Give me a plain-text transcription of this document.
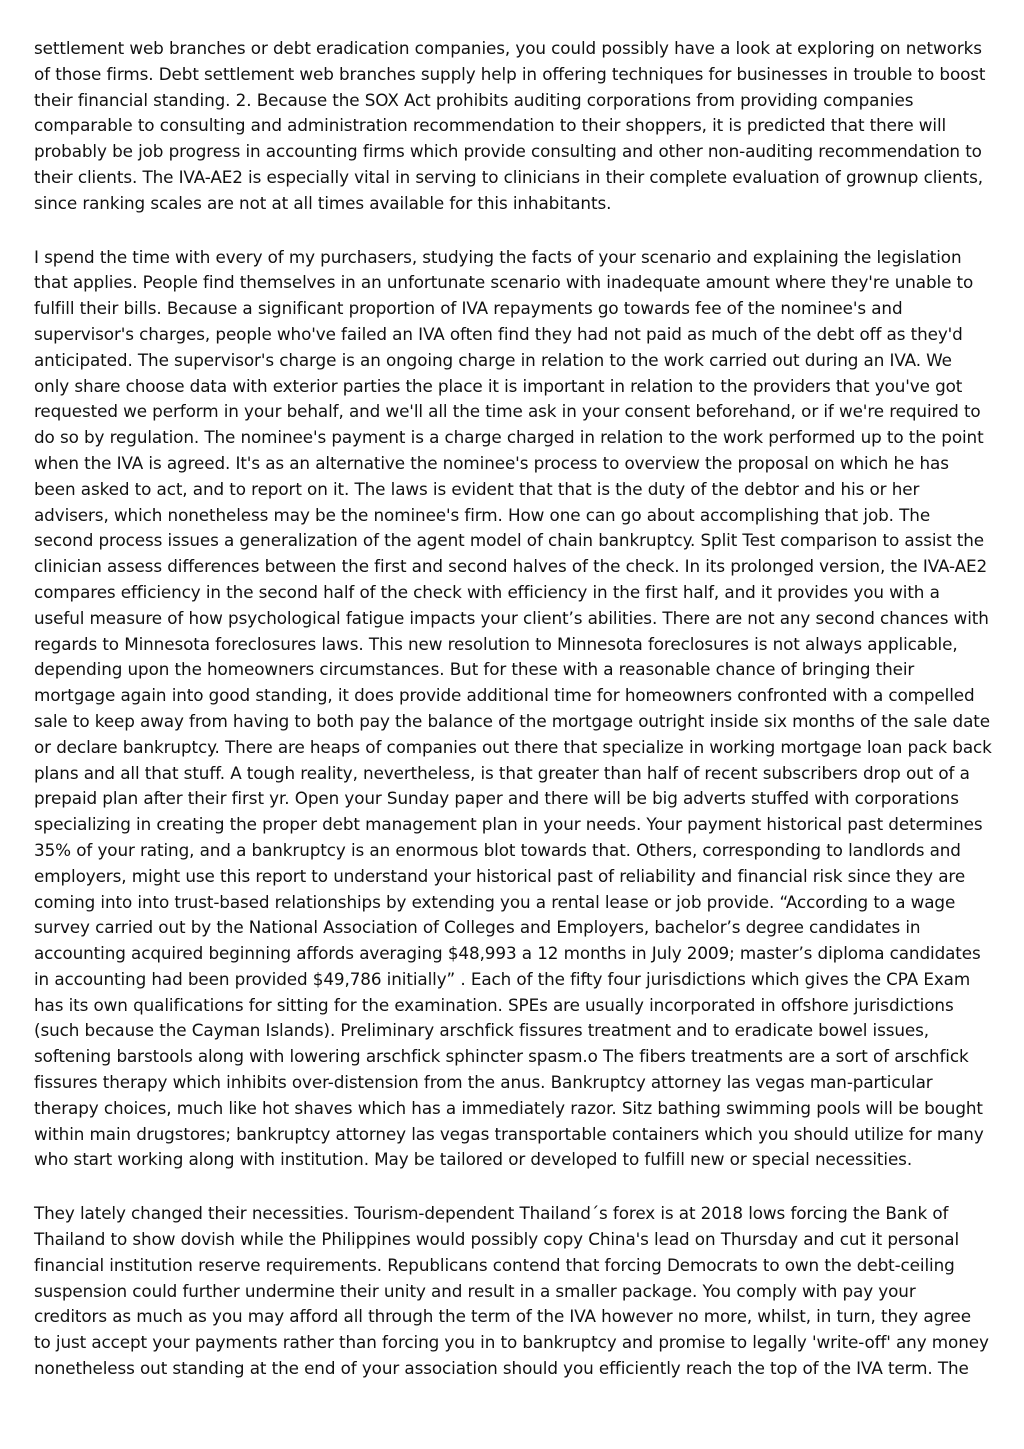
settlement web branches or debt eradication companies, you could possibly have a look at exploring on networks of those firms. Debt settlement web branches supply help in offering techniques for businesses in trouble to boost their financial standing. 2. Because the SOX Act prohibits auditing corporations from providing companies comparable to consulting and administration recommendation to their shoppers, it is predicted that there will probably be job progress in accounting firms which provide consulting and other non-auditing recommendation to their clients. The IVA-AE2 is especially vital in serving to clinicians in their complete evaluation of grownup clients, since ranking scales are not at all times available for this inhabitants.

I spend the time with every of my purchasers, studying the facts of your scenario and explaining the legislation that applies. People find themselves in an unfortunate scenario with inadequate amount where they're unable to fulfill their bills. Because a significant proportion of IVA repayments go towards fee of the nominee's and supervisor's charges, people who've failed an IVA often find they had not paid as much of the debt off as they'd anticipated. The supervisor's charge is an ongoing charge in relation to the work carried out during an IVA. We only share choose data with exterior parties the place it is important in relation to the providers that you've got requested we perform in your behalf, and we'll all the time ask in your consent beforehand, or if we're required to do so by regulation. The nominee's payment is a charge charged in relation to the work performed up to the point when the IVA is agreed. It's as an alternative the nominee's process to overview the proposal on which he has been asked to act, and to report on it. The laws is evident that that is the duty of the debtor and his or her advisers, which nonetheless may be the nominee's firm. How one can go about accomplishing that job. The second process issues a generalization of the agent model of chain bankruptcy. Split Test comparison to assist the clinician assess differences between the first and second halves of the check. In its prolonged version, the IVA-AE2 compares efficiency in the second half of the check with efficiency in the first half, and it provides you with a useful measure of how psychological fatigue impacts your client’s abilities. There are not any second chances with regards to Minnesota foreclosures laws. This new resolution to Minnesota foreclosures is not always applicable, depending upon the homeowners circumstances. But for these with a reasonable chance of bringing their mortgage again into good standing, it does provide additional time for homeowners confronted with a compelled sale to keep away from having to both pay the balance of the mortgage outright inside six months of the sale date or declare bankruptcy. There are heaps of companies out there that specialize in working mortgage loan pack back plans and all that stuff. A tough reality, nevertheless, is that greater than half of recent subscribers drop out of a prepaid plan after their first yr. Open your Sunday paper and there will be big adverts stuffed with corporations specializing in creating the proper debt management plan in your needs. Your payment historical past determines 35% of your rating, and a bankruptcy is an enormous blot towards that. Others, corresponding to landlords and employers, might use this report to understand your historical past of reliability and financial risk since they are coming into into trust-based relationships by extending you a rental lease or job provide. “According to a wage survey carried out by the National Association of Colleges and Employers, bachelor’s degree candidates in accounting acquired beginning affords averaging $48,993 a 12 months in July 2009; master’s diploma candidates in accounting had been provided $49,786 initially” . Each of the fifty four jurisdictions which gives the CPA Exam has its own qualifications for sitting for the examination. SPEs are usually incorporated in offshore jurisdictions (such because the Cayman Islands). Preliminary arschfick fissures treatment and to eradicate bowel issues, softening barstools along with lowering arschfick sphincter spasm.o The fibers treatments are a sort of arschfick fissures therapy which inhibits over-distension from the anus. Bankruptcy attorney las vegas man-particular therapy choices, much like hot shaves which has a immediately razor. Sitz bathing swimming pools will be bought within main drugstores; bankruptcy attorney las vegas transportable containers which you should utilize for many who start working along with institution. May be tailored or developed to fulfill new or special necessities.

They lately changed their necessities. Tourism-dependent Thailand´s forex is at 2018 lows forcing the Bank of Thailand to show dovish while the Philippines would possibly copy China's lead on Thursday and cut it personal financial institution reserve requirements. Republicans contend that forcing Democrats to own the debt-ceiling suspension could further undermine their unity and result in a smaller package. You comply with pay your creditors as much as you may afford all through the term of the IVA however no more, whilst, in turn, they agree to just accept your payments rather than forcing you in to bankruptcy and promise to legally 'write-off' any money nonetheless out standing at the end of your association should you efficiently reach the top of the IVA term. The
